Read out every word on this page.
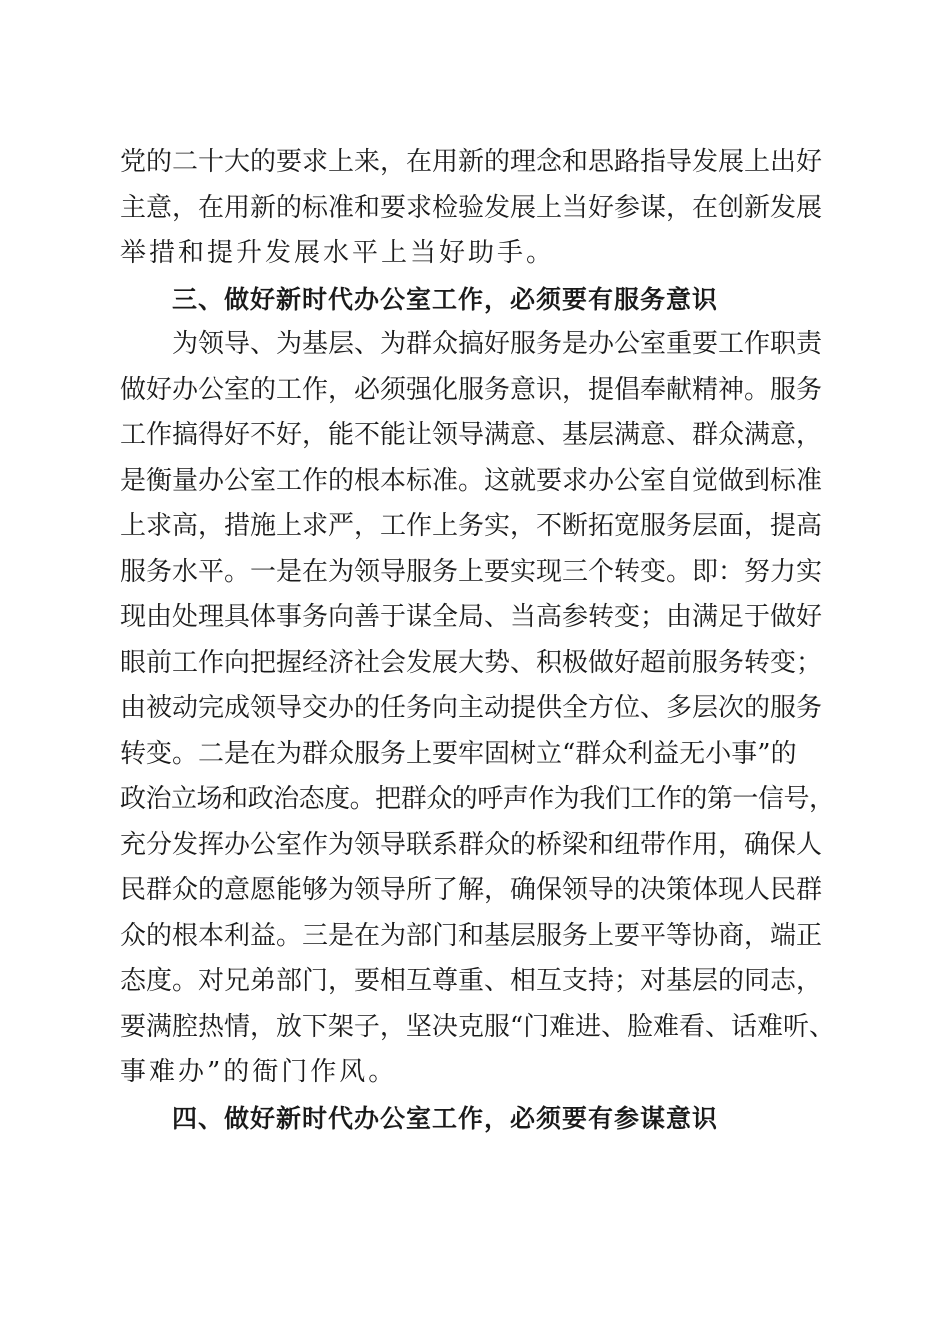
党的二十大的要求上来，在用新的理念和思路指导发展上出好
主意，在用新的标准和要求检验发展上当好参谋，在创新发展
举措和提升发展水平上当好助手。
三、做好新时代办公室工作，必须要有服务意识
为领导、为基层、为群众搞好服务是办公室重要工作职责
做好办公室的工作，必须强化服务意识，提倡奉献精神。服务
工作搞得好不好，能不能让领导满意、基层满意、群众满意，
是衡量办公室工作的根本标准。这就要求办公室自觉做到标准
上求高，措施上求严，工作上务实，不断拓宽服务层面，提高
服务水平。一是在为领导服务上要实现三个转变。即：努力实
现由处理具体事务向善于谋全局、当高参转变；由满足于做好
眼前工作向把握经济社会发展大势、积极做好超前服务转变；
由被动完成领导交办的任务向主动提供全方位、多层次的服务
转变。二是在为群众服务上要牢固树立“群众利益无小事”的
政治立场和政治态度。把群众的呼声作为我们工作的第一信号，
充分发挥办公室作为领导联系群众的桥梁和纽带作用，确保人
民群众的意愿能够为领导所了解，确保领导的决策体现人民群
众的根本利益。三是在为部门和基层服务上要平等协商，端正
态度。对兄弟部门，要相互尊重、相互支持；对基层的同志，
要满腔热情，放下架子，坚决克服“门难进、脸难看、话难听、
事难办”的衙门作风。
四、做好新时代办公室工作，必须要有参谋意识
